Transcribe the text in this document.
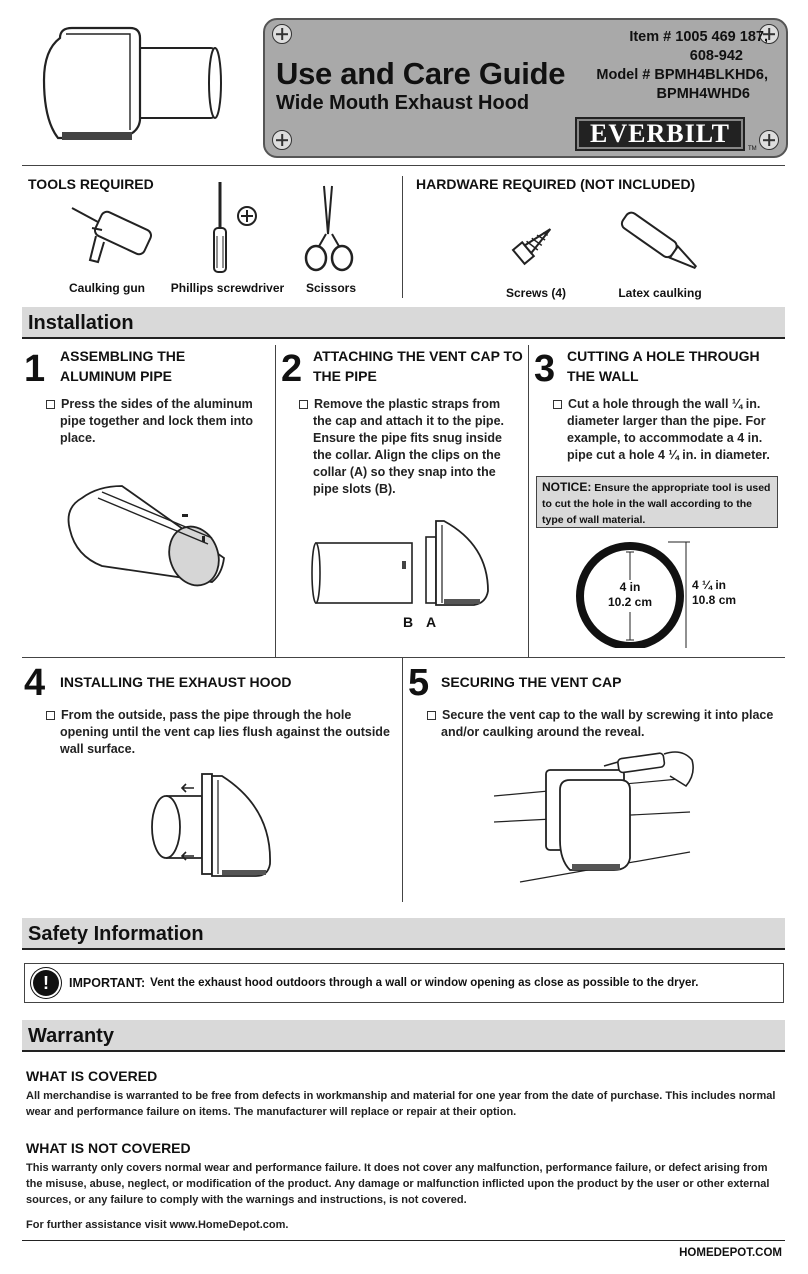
Use and Care Guide
Wide Mouth Exhaust Hood
Item # 1005 469 187,
608-942
Model # BPMH4BLKHD6,
BPMH4WHD6
EVERBILT
TM
TOOLS REQUIRED	HARDWARE REQUIRED (NOT INCLUDED)
Caulking gun	Phillips screwdriver	Scissors	Screws (4)	Latex caulking
Installation
1 ASSEMBLING THE
ALUMINUM PIPE
Press the sides of the aluminum pipe together and lock them into place.
2 ATTACHING THE VENT CAP TO
THE PIPE
Remove the plastic straps from the cap and attach it to the pipe. Ensure the pipe fits snug inside the collar. Align the clips on the collar (A) so they snap into the pipe slots (B).
B A
3 CUTTING A HOLE THROUGH
THE WALL
Cut a hole through the wall ¼ in. diameter larger than the pipe. For example, to accommodate a 4 in. pipe cut a hole 4 ¼ in. in diameter.
NOTICE: Ensure the appropriate tool is used to cut the hole in the wall according to the type of wall material.
4 in
10.2 cm
4 ¼ in
10.8 cm
4 INSTALLING THE EXHAUST HOOD
From the outside, pass the pipe through the hole opening until the vent cap lies flush against the outside wall surface.
5 SECURING THE VENT CAP
Secure the vent cap to the wall by screwing it into place and/or caulking around the reveal.
Safety Information
!	IMPORTANT: Vent the exhaust hood outdoors through a wall or window opening as close as possible to the dryer.
Warranty
WHAT IS COVERED
All merchandise is warranted to be free from defects in workmanship and material for one year from the date of purchase. This includes normal wear and performance failure on items. The manufacturer will replace or repair at their option.
WHAT IS NOT COVERED
This warranty only covers normal wear and performance failure. It does not cover any malfunction, performance failure, or defect arising from the misuse, abuse, neglect, or modification of the product. Any damage or malfunction inflicted upon the product by the user or other external sources, or any failure to comply with the warnings and instructions, is not covered.
For further assistance visit www.HomeDepot.com.
HOMEDEPOT.COM
